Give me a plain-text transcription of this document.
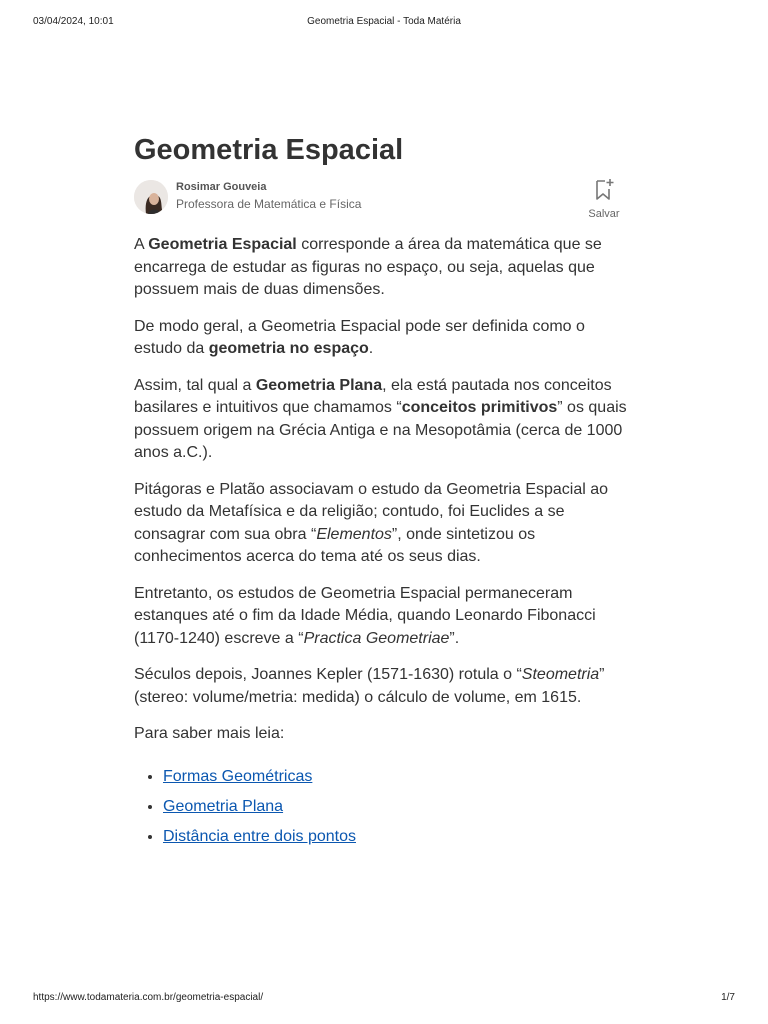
03/04/2024, 10:01	Geometria Espacial - Toda Matéria
Geometria Espacial
Rosimar Gouveia
Professora de Matemática e Física
Salvar

A Geometria Espacial corresponde a área da matemática que se encarrega de estudar as figuras no espaço, ou seja, aquelas que possuem mais de duas dimensões.

De modo geral, a Geometria Espacial pode ser definida como o estudo da geometria no espaço.

Assim, tal qual a Geometria Plana, ela está pautada nos conceitos basilares e intuitivos que chamamos “conceitos primitivos” os quais possuem origem na Grécia Antiga e na Mesopotâmia (cerca de 1000 anos a.C.).

Pitágoras e Platão associavam o estudo da Geometria Espacial ao estudo da Metafísica e da religião; contudo, foi Euclides a se consagrar com sua obra “Elementos”, onde sintetizou os conhecimentos acerca do tema até os seus dias.

Entretanto, os estudos de Geometria Espacial permaneceram estanques até o fim da Idade Média, quando Leonardo Fibonacci (1170-1240) escreve a “Practica Geometriae”.

Séculos depois, Joannes Kepler (1571-1630) rotula o “Steometria” (stereo: volume/metria: medida) o cálculo de volume, em 1615.

Para saber mais leia:

• Formas Geométricas
• Geometria Plana
• Distância entre dois pontos
https://www.todamateria.com.br/geometria-espacial/	1/7
